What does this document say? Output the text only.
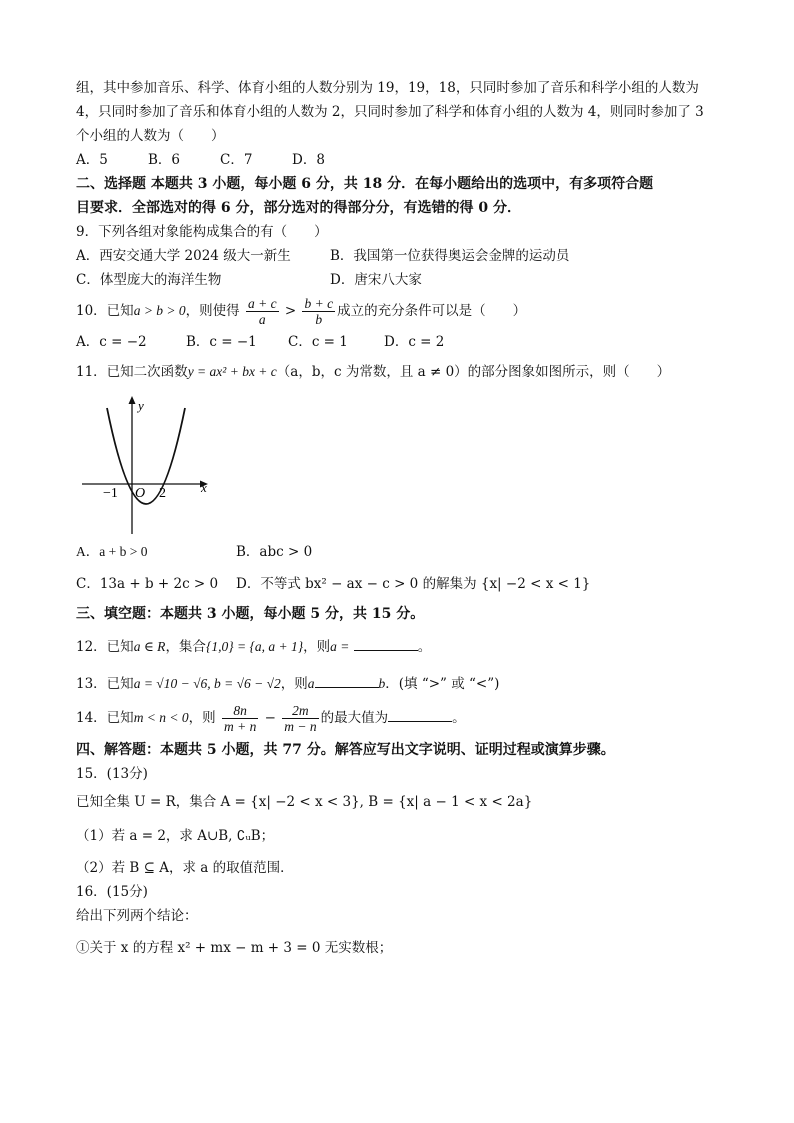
组，其中参加音乐、科学、体育小组的人数分别为 19，19，18，只同时参加了音乐和科学小组的人数为
4，只同时参加了音乐和体育小组的人数为 2，只同时参加了科学和体育小组的人数为 4，则同时参加了 3
个小组的人数为（　　）
A．5	B．6	C．7	D．8
二、选择题 本题共 3 小题，每小题 6 分，共 18 分．在每小题给出的选项中，有多项符合题
目要求．全部选对的得 6 分，部分选对的得部分分，有选错的得 0 分．
9．下列各组对象能构成集合的有（　　）
A．西安交通大学 2024 级大一新生	B．我国第一位获得奥运会金牌的运动员
C．体型庞大的海洋生物	D．唐宋八大家
10．已知a > b > 0，则使得 $\frac{a + c}{a} > \frac{b + c}{b}$ 成立的充分条件可以是（　　）
A．c = −2	B．c = −1	C．c = 1	D．c = 2
11．已知二次函数y = ax² + bx + c（a，b，c 为常数，且 a ≠ 0）的部分图象如图所示，则（　　）
y
x
O
−1	2
A．a + b > 0	B．abc > 0
C．13a + b + 2c > 0	D．不等式 bx² − ax − c > 0 的解集为 {x| −2 < x < 1}
三、填空题：本题共 3 小题，每小题 5 分，共 15 分。
12．已知a ∈ R，集合{1,0} = {a, a + 1}，则a =	。
13．已知a = √10 − √6, b = √6 − √2，则a	b．(填 “>” 或 “<”)
14．已知m < n < 0，则 $\frac{8n}{m + n} - \frac{2m}{m - n}$ 的最大值为	。
四、解答题：本题共 5 小题，共 77 分。解答应写出文字说明、证明过程或演算步骤。
15．(13分)
已知全集 U = R，集合 A = {x| −2 < x < 3}, B = {x| a − 1 < x < 2a}
（1）若 a = 2，求 A∪B, ∁ᵤB；
（2）若 B ⊆ A，求 a 的取值范围．
16．(15分)
给出下列两个结论：
①关于 x 的方程 x² + mx − m + 3 = 0 无实数根；
